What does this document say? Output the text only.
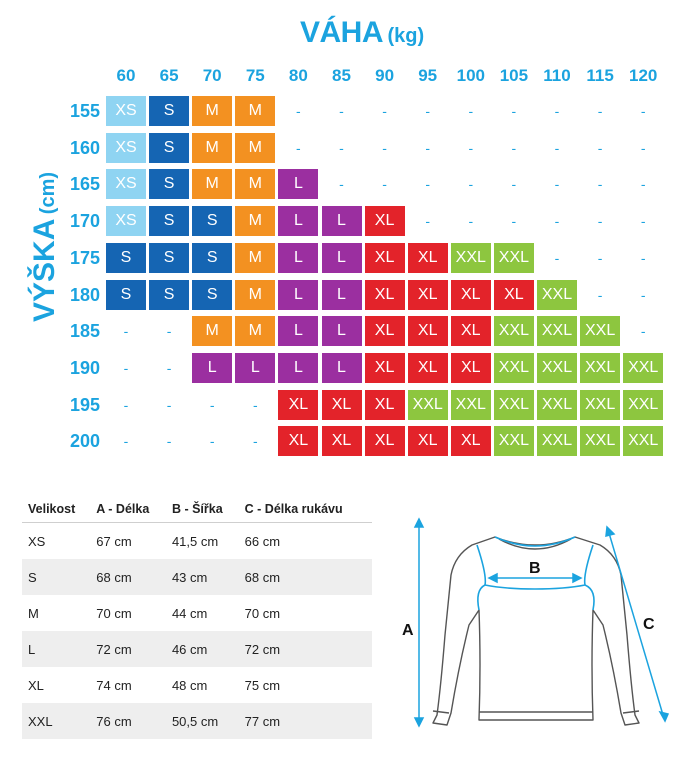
VÁHA (kg)
VÝŠKA (cm)
60	65	70	75	80	85	90	95	100 105 110 115 120
155 XS	S	M	M	-	-	-	-	-	-	-	-	-
160 XS	S	M	M	-	-	-	-	-	-	-	-	-
165 XS	S	M	M	L	-	-	-	-	-	-	-	-
170 XS	S	S	M	L	L	XL	-	-	-	-	-	-
175	S	S	S	M	L	L	XL	XL	XXL XXL	-	-	-
180	S	S	S	M	L	L	XL	XL	XL	XL	XXL	-	-
185	-	-	M	M	L	L	XL	XL	XL	XXL XXL XXL	-
190	-	-	L	L	L	L	XL	XL	XL	XXL XXL XXL XXL
195	-	-	-	-	XL	XL	XL	XXL XXL XXL XXL XXL XXL
200	-	-	-	-	XL	XL	XL	XL	XL	XXL XXL XXL XXL
Velikost	A - Délka	B - Šířka	C - Délka rukávu
XS	67 cm	41,5 cm	66 cm
S	68 cm	43 cm	68 cm
M	70 cm	44 cm	70 cm
L	72 cm	46 cm	72 cm
XL	74 cm	48 cm	75 cm
XXL	76 cm	50,5 cm	77 cm
A
B
C
